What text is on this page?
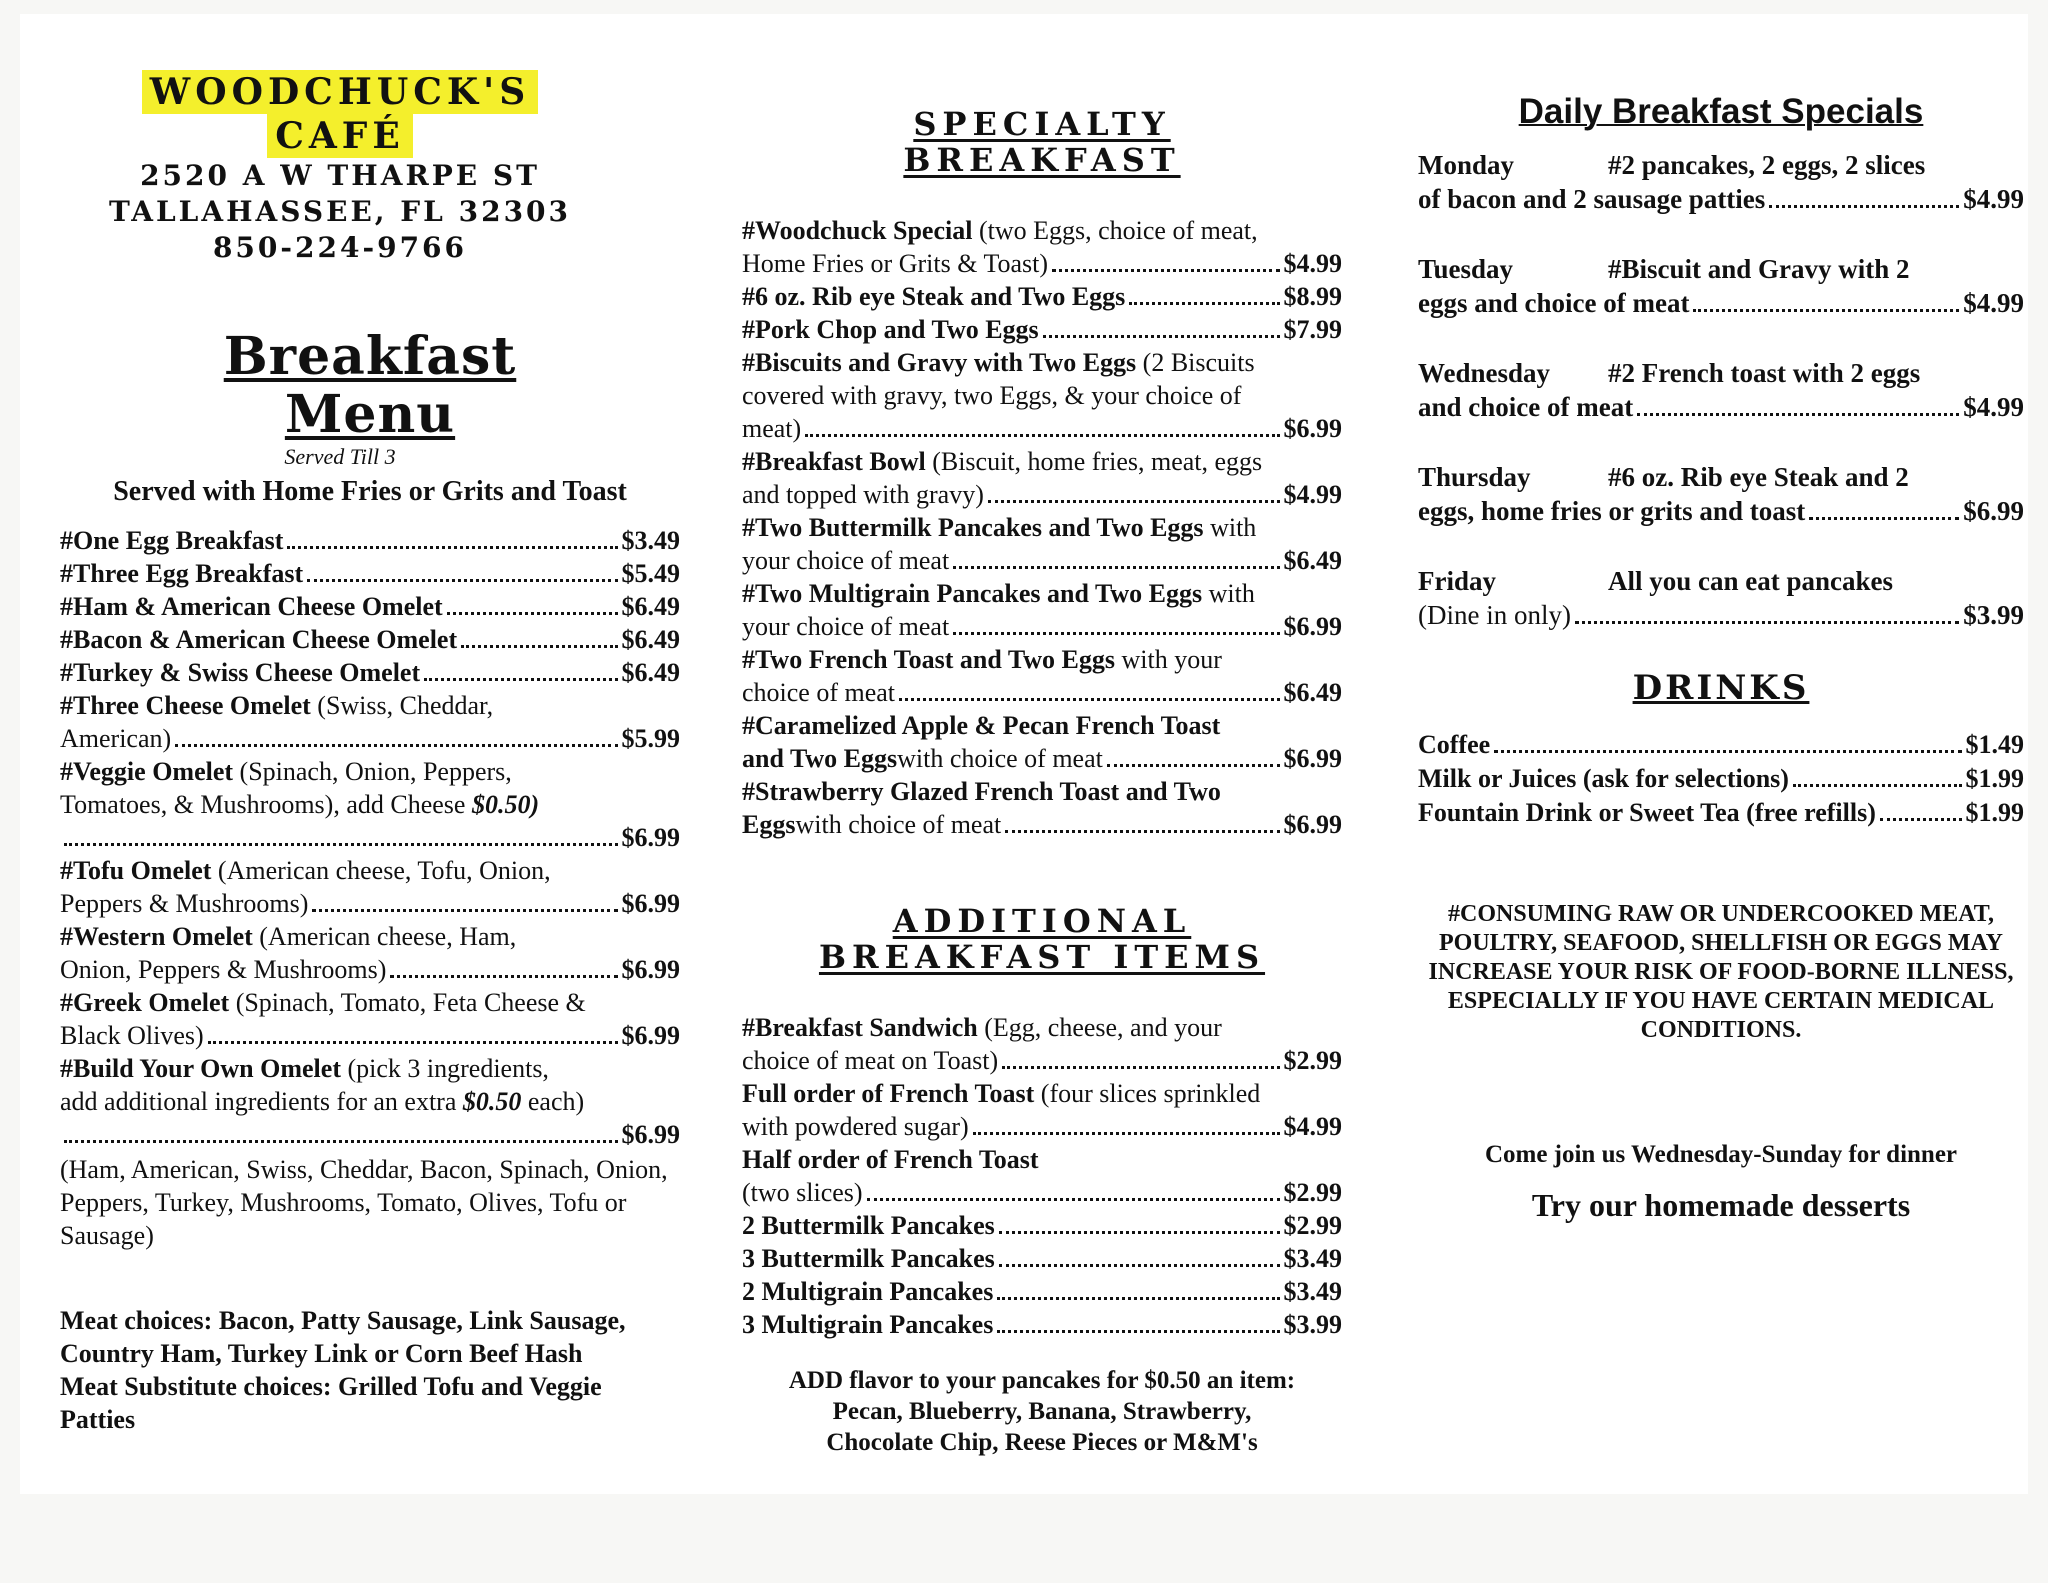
WOODCHUCK'S
CAFÉ
2520 A W THARPE ST
TALLAHASSEE, FL 32303
850-224-9766
Breakfast
Menu
Served Till 3
Served with Home Fries or Grits and Toast
#One Egg Breakfast	$3.49
#Three Egg Breakfast	$5.49
#Ham & American Cheese Omelet	$6.49
#Bacon & American Cheese Omelet	$6.49
#Turkey & Swiss Cheese Omelet	$6.49
#Three Cheese Omelet (Swiss, Cheddar,
American)	$5.99
#Veggie Omelet (Spinach, Onion, Peppers,
Tomatoes, & Mushrooms), add Cheese $0.50)
$6.99
#Tofu Omelet (American cheese, Tofu, Onion,
Peppers & Mushrooms)	$6.99
#Western Omelet (American cheese, Ham,
Onion, Peppers & Mushrooms)	$6.99
#Greek Omelet (Spinach, Tomato, Feta Cheese &
Black Olives)	$6.99
#Build Your Own Omelet (pick 3 ingredients,
add additional ingredients for an extra $0.50 each)
$6.99
(Ham, American, Swiss, Cheddar, Bacon, Spinach, Onion, Peppers, Turkey, Mushrooms, Tomato, Olives, Tofu or Sausage)
Meat choices: Bacon, Patty Sausage, Link Sausage, Country Ham, Turkey Link or Corn Beef Hash
Meat Substitute choices: Grilled Tofu and Veggie Patties
SPECIALTY
BREAKFAST
#Woodchuck Special (two Eggs, choice of meat,
Home Fries or Grits & Toast)	$4.99
#6 oz. Rib eye Steak and Two Eggs	$8.99
#Pork Chop and Two Eggs	$7.99
#Biscuits and Gravy with Two Eggs (2 Biscuits covered with gravy, two Eggs, & your choice of
meat)	$6.99
#Breakfast Bowl (Biscuit, home fries, meat, eggs
and topped with gravy)	$4.99
#Two Buttermilk Pancakes and Two Eggs with
your choice of meat	$6.49
#Two Multigrain Pancakes and Two Eggs with
your choice of meat	$6.99
#Two French Toast and Two Eggs with your
choice of meat	$6.49
#Caramelized Apple & Pecan French Toast
and Two Eggs with choice of meat	$6.99
#Strawberry Glazed French Toast and Two
Eggs with choice of meat	$6.99
ADDITIONAL
BREAKFAST ITEMS
#Breakfast Sandwich (Egg, cheese, and your
choice of meat on Toast)	$2.99
Full order of French Toast (four slices sprinkled
with powdered sugar)	$4.99
Half order of French Toast
(two slices)	$2.99
2 Buttermilk Pancakes	$2.99
3 Buttermilk Pancakes	$3.49
2 Multigrain Pancakes	$3.49
3 Multigrain Pancakes	$3.99
ADD flavor to your pancakes for $0.50 an item:
Pecan, Blueberry, Banana, Strawberry,
Chocolate Chip, Reese Pieces or M&M's
Daily Breakfast Specials
Monday	#2 pancakes, 2 eggs, 2 slices
of bacon and 2 sausage patties	$4.99
Tuesday	#Biscuit and Gravy with 2
eggs and choice of meat	$4.99
Wednesday	#2 French toast with 2 eggs
and choice of meat	$4.99
Thursday	#6 oz. Rib eye Steak and 2
eggs, home fries or grits and toast	$6.99
Friday	All you can eat pancakes
(Dine in only)	$3.99
DRINKS
Coffee	$1.49
Milk or Juices (ask for selections)	$1.99
Fountain Drink or Sweet Tea (free refills)	$1.99
#CONSUMING RAW OR UNDERCOOKED MEAT, POULTRY, SEAFOOD, SHELLFISH OR EGGS MAY INCREASE YOUR RISK OF FOOD-BORNE ILLNESS, ESPECIALLY IF YOU HAVE CERTAIN MEDICAL CONDITIONS.
Come join us Wednesday-Sunday for dinner
Try our homemade desserts
